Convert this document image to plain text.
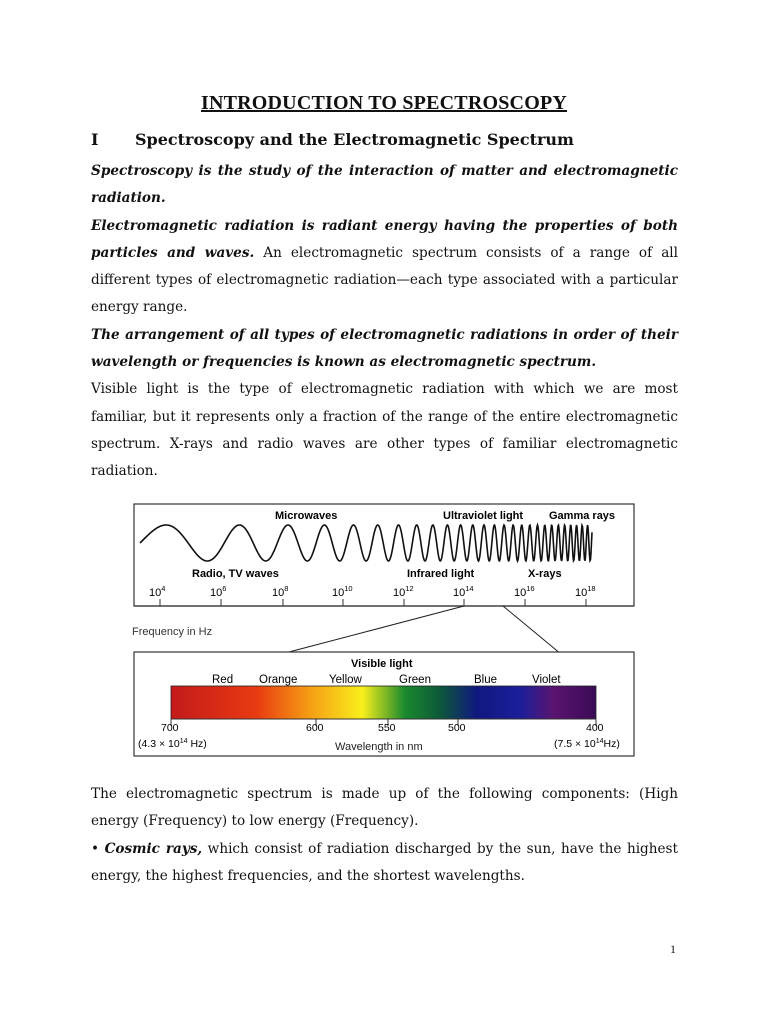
INTRODUCTION TO SPECTROSCOPY
I Spectroscopy and the Electromagnetic Spectrum

Spectroscopy is the study of the interaction of matter and electromagnetic radiation.

Electromagnetic radiation is radiant energy having the properties of both particles and waves. An electromagnetic spectrum consists of a range of all different types of electromagnetic radiation—each type associated with a particular energy range.

The arrangement of all types of electromagnetic radiations in order of their wavelength or frequencies is known as electromagnetic spectrum.

Visible light is the type of electromagnetic radiation with which we are most familiar, but it represents only a fraction of the range of the entire electromagnetic spectrum. X-rays and radio waves are other types of familiar electromagnetic radiation.

Microwaves	Ultraviolet light Gamma rays
Radio, TV waves	Infrared light	X-rays
$10^4$	$10^6$	$10^8$	$10^{10}$	$10^{12}$	$10^{14}$	$10^{16}$	$10^{18}$
Frequency in Hz
Visible light
Red Orange	Yellow	Green	Blue	Violet
700	600	550	500	400
($4.3 \times 10^{14}$ Hz)	Wavelength in nm	$(7.5 \times 10^{14}Hz)$

The electromagnetic spectrum is made up of the following components: (High energy (Frequency) to low energy (Frequency).

• Cosmic rays, which consist of radiation discharged by the sun, have the highest energy, the highest frequencies, and the shortest wavelengths.

1
